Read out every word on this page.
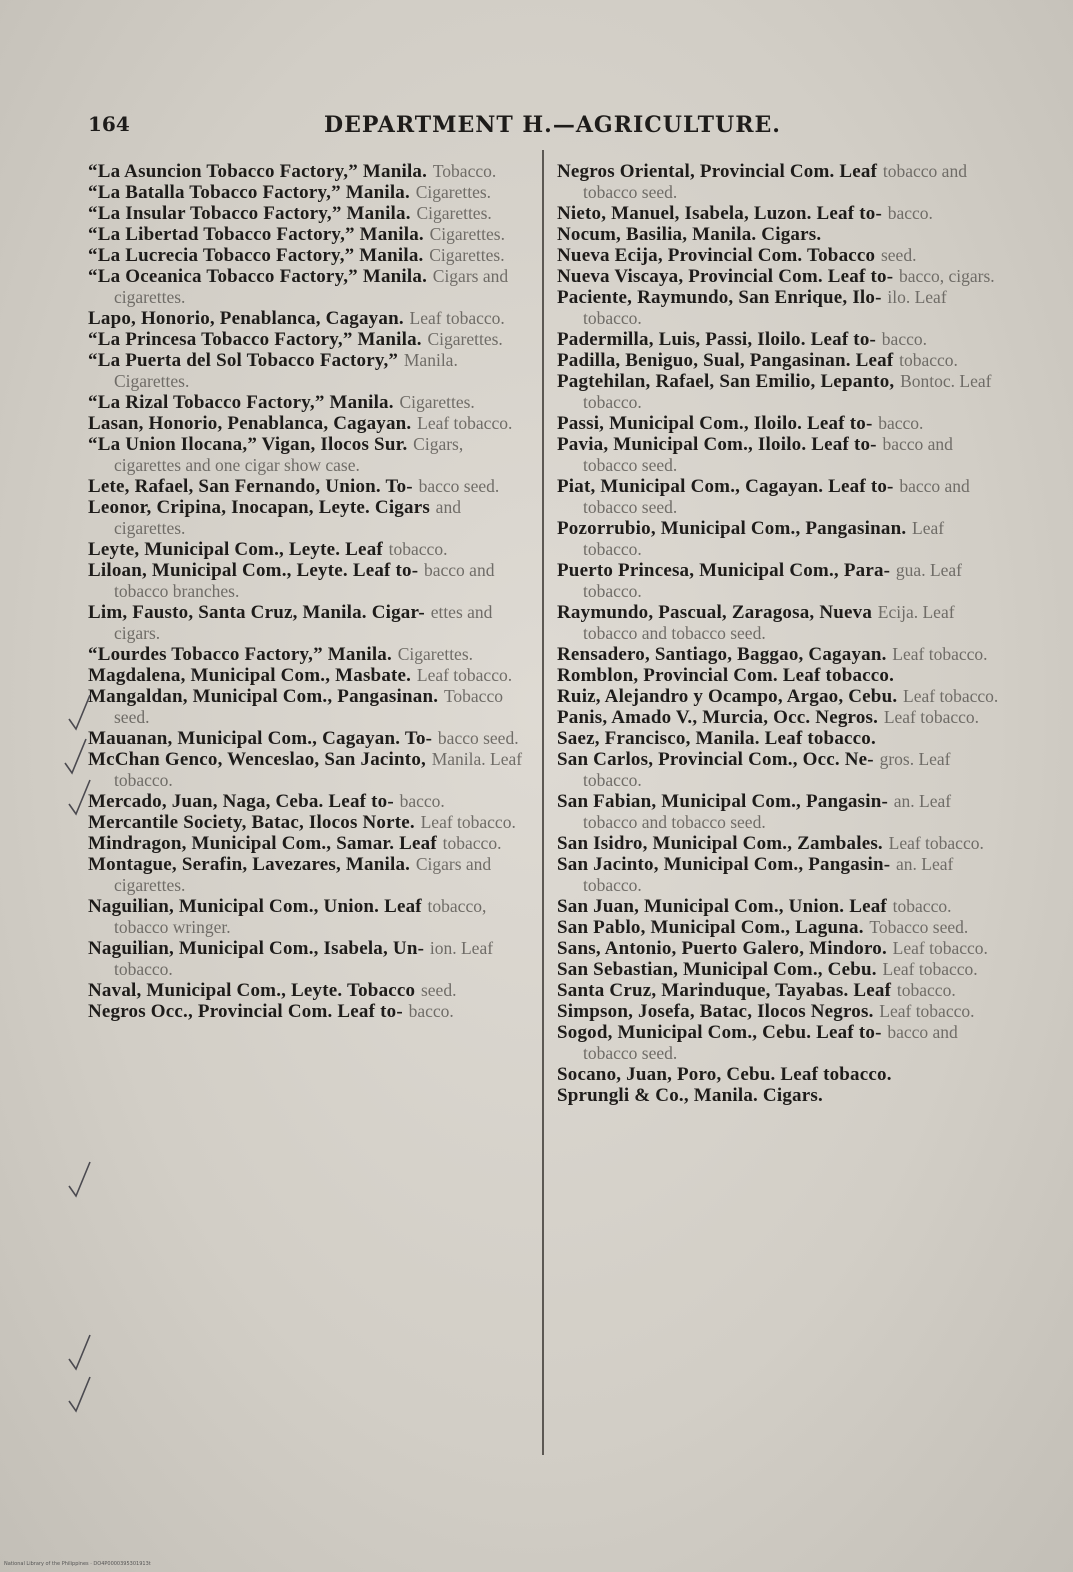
164	DEPARTMENT H.—AGRICULTURE.
“La Asuncion Tobacco Factory,” Manila. Tobacco.
“La Batalla Tobacco Factory,” Manila. Cigarettes.
“La Insular Tobacco Factory,” Manila. Cigarettes.
“La Libertad Tobacco Factory,” Manila. Cigarettes.
“La Lucrecia Tobacco Factory,” Manila. Cigarettes.
“La Oceanica Tobacco Factory,” Manila. Cigars and cigarettes.
Lapo, Honorio, Penablanca, Cagayan. Leaf tobacco.
“La Princesa Tobacco Factory,” Manila. Cigarettes.
“La Puerta del Sol Tobacco Factory,” Manila. Cigarettes.
“La Rizal Tobacco Factory,” Manila. Cigarettes.
Lasan, Honorio, Penablanca, Cagayan. Leaf tobacco.
“La Union Ilocana,” Vigan, Ilocos Sur. Cigars, cigarettes and one cigar show case.
Lete, Rafael, San Fernando, Union. To- bacco seed.
Leonor, Cripina, Inocapan, Leyte. Cigars and cigarettes.
Leyte, Municipal Com., Leyte. Leaf tobacco.
Liloan, Municipal Com., Leyte. Leaf to- bacco and tobacco branches.
Lim, Fausto, Santa Cruz, Manila. Cigar- ettes and cigars.
“Lourdes Tobacco Factory,” Manila. Cigarettes.
Magdalena, Municipal Com., Masbate. Leaf tobacco.
Mangaldan, Municipal Com., Pangasinan. Tobacco seed.
Mauanan, Municipal Com., Cagayan. To- bacco seed.
McChan Genco, Wenceslao, San Jacinto, Manila. Leaf tobacco.
Mercado, Juan, Naga, Ceba. Leaf to- bacco.
Mercantile Society, Batac, Ilocos Norte. Leaf tobacco.
Mindragon, Municipal Com., Samar. Leaf tobacco.
Montague, Serafin, Lavezares, Manila. Cigars and cigarettes.
Naguilian, Municipal Com., Union. Leaf tobacco, tobacco wringer.
Naguilian, Municipal Com., Isabela, Un- ion. Leaf tobacco.
Naval, Municipal Com., Leyte. Tobacco seed.
Negros Occ., Provincial Com. Leaf to- bacco.
Negros Oriental, Provincial Com. Leaf tobacco and tobacco seed.
Nieto, Manuel, Isabela, Luzon. Leaf to- bacco.
Nocum, Basilia, Manila. Cigars.
Nueva Ecija, Provincial Com. Tobacco seed.
Nueva Viscaya, Provincial Com. Leaf to- bacco, cigars.
Paciente, Raymundo, San Enrique, Ilo- ilo. Leaf tobacco.
Padermilla, Luis, Passi, Iloilo. Leaf to- bacco.
Padilla, Beniguo, Sual, Pangasinan. Leaf tobacco.
Pagtehilan, Rafael, San Emilio, Lepanto, Bontoc. Leaf tobacco.
Passi, Municipal Com., Iloilo. Leaf to- bacco.
Pavia, Municipal Com., Iloilo. Leaf to- bacco and tobacco seed.
Piat, Municipal Com., Cagayan. Leaf to- bacco and tobacco seed.
Pozorrubio, Municipal Com., Pangasinan. Leaf tobacco.
Puerto Princesa, Municipal Com., Para- gua. Leaf tobacco.
Raymundo, Pascual, Zaragosa, Nueva Ecija. Leaf tobacco and tobacco seed.
Rensadero, Santiago, Baggao, Cagayan. Leaf tobacco.
Romblon, Provincial Com. Leaf tobacco.
Ruiz, Alejandro y Ocampo, Argao, Cebu. Leaf tobacco.
Panis, Amado V., Murcia, Occ. Negros. Leaf tobacco.
Saez, Francisco, Manila. Leaf tobacco.
San Carlos, Provincial Com., Occ. Ne- gros. Leaf tobacco.
San Fabian, Municipal Com., Pangasin- an. Leaf tobacco and tobacco seed.
San Isidro, Municipal Com., Zambales. Leaf tobacco.
San Jacinto, Municipal Com., Pangasin- an. Leaf tobacco.
San Juan, Municipal Com., Union. Leaf tobacco.
San Pablo, Municipal Com., Laguna. Tobacco seed.
Sans, Antonio, Puerto Galero, Mindoro. Leaf tobacco.
San Sebastian, Municipal Com., Cebu. Leaf tobacco.
Santa Cruz, Marinduque, Tayabas. Leaf tobacco.
Simpson, Josefa, Batac, Ilocos Negros. Leaf tobacco.
Sogod, Municipal Com., Cebu. Leaf to- bacco and tobacco seed.
Socano, Juan, Poro, Cebu. Leaf tobacco.
Sprungli & Co., Manila. Cigars.
National Library of the Philippines · DO4P0000395301913t
